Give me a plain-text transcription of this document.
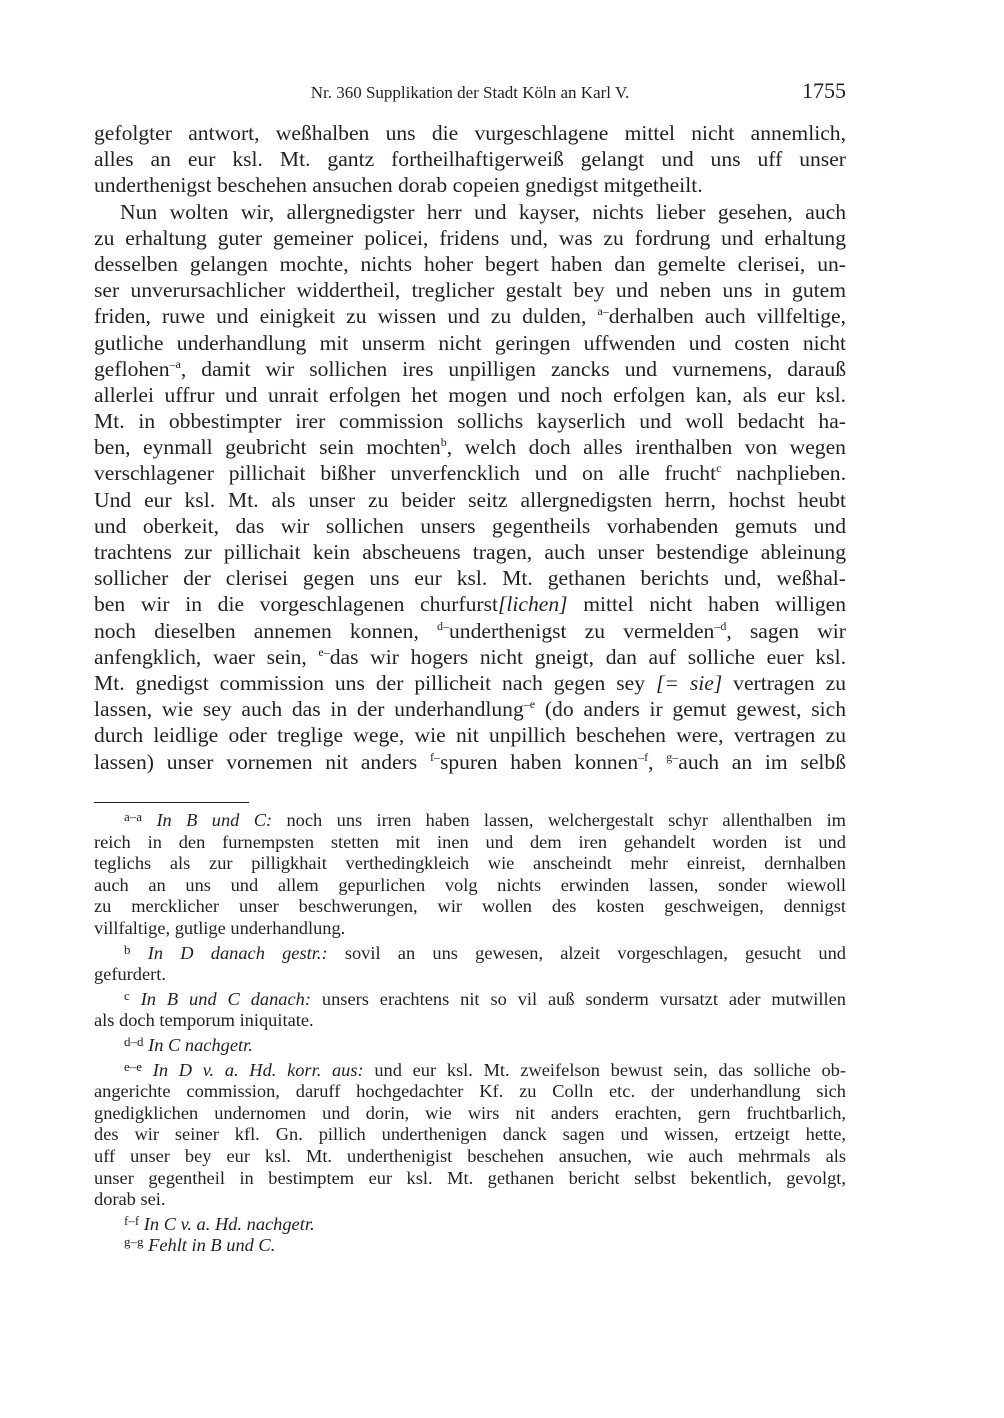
Nr. 360 Supplikation der Stadt Köln an Karl V.	1755
gefolgter antwort, weßhalben uns die vurgeschlagene mittel nicht annemlich,
alles an eur ksl. Mt. gantz fortheilhaftigerweiß gelangt und uns uff unser
underthenigst beschehen ansuchen dorab copeien gnedigst mitgetheilt.
Nun wolten wir, allergnedigster herr und kayser, nichts lieber gesehen, auch
zu erhaltung guter gemeiner policei, fridens und, was zu fordrung und erhaltung
desselben gelangen mochte, nichts hoher begert haben dan gemelte clerisei, un-
ser unverursachlicher widdertheil, treglicher gestalt bey und neben uns in gutem
friden, ruwe und einigkeit zu wissen und zu dulden, $^{a-}$derhalben auch villfeltige,
gutliche underhandlung mit unserm nicht geringen uffwenden und costen nicht
geflohen$^{-a}$, damit wir sollichen ires unpilligen zancks und vurnemens, darauß
allerlei uffrur und unrait erfolgen het mogen und noch erfolgen kan, als eur ksl.
Mt. in obbestimpter irer commission sollichs kayserlich und woll bedacht ha-
ben, eynmall geubricht sein mochten$^b$, welch doch alles irenthalben von wegen
verschlagener pillichait bißher unverfencklich und on alle frucht$^c$ nachplieben.
Und eur ksl. Mt. als unser zu beider seitz allergnedigsten herrn, hochst heubt
und oberkeit, das wir sollichen unsers gegentheils vorhabenden gemuts und
trachtens zur pillichait kein abscheuens tragen, auch unser bestendige ableinung
sollicher der clerisei gegen uns eur ksl. Mt. gethanen berichts und, weßhal-
ben wir in die vorgeschlagenen churfurst[lichen] mittel nicht haben willigen
noch dieselben annemen konnen, $^{d-}$underthenigst zu vermelden$^{-d}$, sagen wir
anfengklich, waer sein, $^{e-}$das wir hogers nicht gneigt, dan auf solliche euer ksl.
Mt. gnedigst commission uns der pillicheit nach gegen sey [= sie] vertragen zu
lassen, wie sey auch das in der underhandlung$^{-e}$ (do anders ir gemut gewest, sich
durch leidlige oder treglige wege, wie nit unpillich beschehen were, vertragen zu
lassen) unser vornemen nit anders $^{f-}$spuren haben konnen$^{-f}$, $^{g-}$auch an im selbß
$^{a-a}$ In B und C: noch uns irren haben lassen, welchergestalt schyr allenthalben im
reich in den furnempsten stetten mit inen und dem iren gehandelt worden ist und
teglichs als zur pilligkhait verthedingkleich wie anscheindt mehr einreist, dernhalben
auch an uns und allem gepurlichen volg nichts erwinden lassen, sonder wiewoll
zu mercklicher unser beschwerungen, wir wollen des kosten geschweigen, dennigst
villfaltige, gutlige underhandlung.
$^b$ In D danach gestr.: sovil an uns gewesen, alzeit vorgeschlagen, gesucht und
gefurdert.
$^c$ In B und C danach: unsers erachtens nit so vil auß sonderm vursatzt ader mutwillen
als doch temporum iniquitate.
$^{d-d}$ In C nachgetr.
$^{e-e}$ In D v. a. Hd. korr. aus: und eur ksl. Mt. zweifelson bewust sein, das solliche ob-
angerichte commission, daruff hochgedachter Kf. zu Colln etc. der underhandlung sich
gnedigklichen undernomen und dorin, wie wirs nit anders erachten, gern fruchtbarlich,
des wir seiner kfl. Gn. pillich underthenigen danck sagen und wissen, ertzeigt hette,
uff unser bey eur ksl. Mt. underthenigist beschehen ansuchen, wie auch mehrmals als
unser gegentheil in bestimptem eur ksl. Mt. gethanen bericht selbst bekentlich, gevolgt,
dorab sei.
$^{f-f}$ In C v. a. Hd. nachgetr.
$^{g-g}$ Fehlt in B und C.
